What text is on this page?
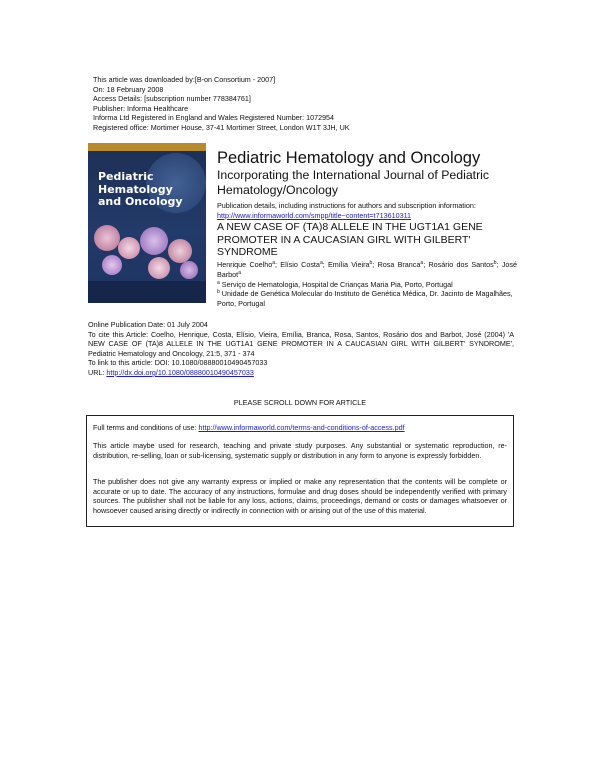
This article was downloaded by:[B-on Consortium - 2007]
On: 18 February 2008
Access Details: [subscription number 778384761]
Publisher: Informa Healthcare
Informa Ltd Registered in England and Wales Registered Number: 1072954
Registered office: Mortimer House, 37-41 Mortimer Street, London W1T 3JH, UK
Pediatric Hematology and Oncology
Pediatric Hematology and Oncology
Incorporating the International Journal of Pediatric Hematology/Oncology
Publication details, including instructions for authors and subscription information:
http://www.informaworld.com/smpp/title~content=t713610311
A NEW CASE OF (TA)8 ALLELE IN THE UGT1A1 GENE PROMOTER IN A CAUCASIAN GIRL WITH GILBERT' SYNDROME
Henrique Coelho$^a$; Elísio Costa$^a$; Emília Vieira$^b$; Rosa Branca$^a$; Rosário dos Santos$^b$; José Barbot$^a$
$^a$ Serviço de Hematologia, Hospital de Crianças Maria Pia, Porto, Portugal
$^b$ Unidade de Genética Molecular do Instituto de Genética Médica, Dr. Jacinto de Magalhães, Porto, Portugal
Online Publication Date: 01 July 2004
To cite this Article: Coelho, Henrique, Costa, Elísio, Vieira, Emília, Branca, Rosa, Santos, Rosário dos and Barbot, José (2004) 'A NEW CASE OF (TA)8 ALLELE IN THE UGT1A1 GENE PROMOTER IN A CAUCASIAN GIRL WITH GILBERT' SYNDROME', Pediatric Hematology and Oncology, 21:5, 371 - 374
To link to this article: DOI: 10.1080/08880010490457033
URL: http://dx.doi.org/10.1080/08880010490457033
PLEASE SCROLL DOWN FOR ARTICLE
Full terms and conditions of use: http://www.informaworld.com/terms-and-conditions-of-access.pdf
This article maybe used for research, teaching and private study purposes. Any substantial or systematic reproduction, re-distribution, re-selling, loan or sub-licensing, systematic supply or distribution in any form to anyone is expressly forbidden.
The publisher does not give any warranty express or implied or make any representation that the contents will be complete or accurate or up to date. The accuracy of any instructions, formulae and drug doses should be independently verified with primary sources. The publisher shall not be liable for any loss, actions, claims, proceedings, demand or costs or damages whatsoever or howsoever caused arising directly or indirectly in connection with or arising out of the use of this material.
